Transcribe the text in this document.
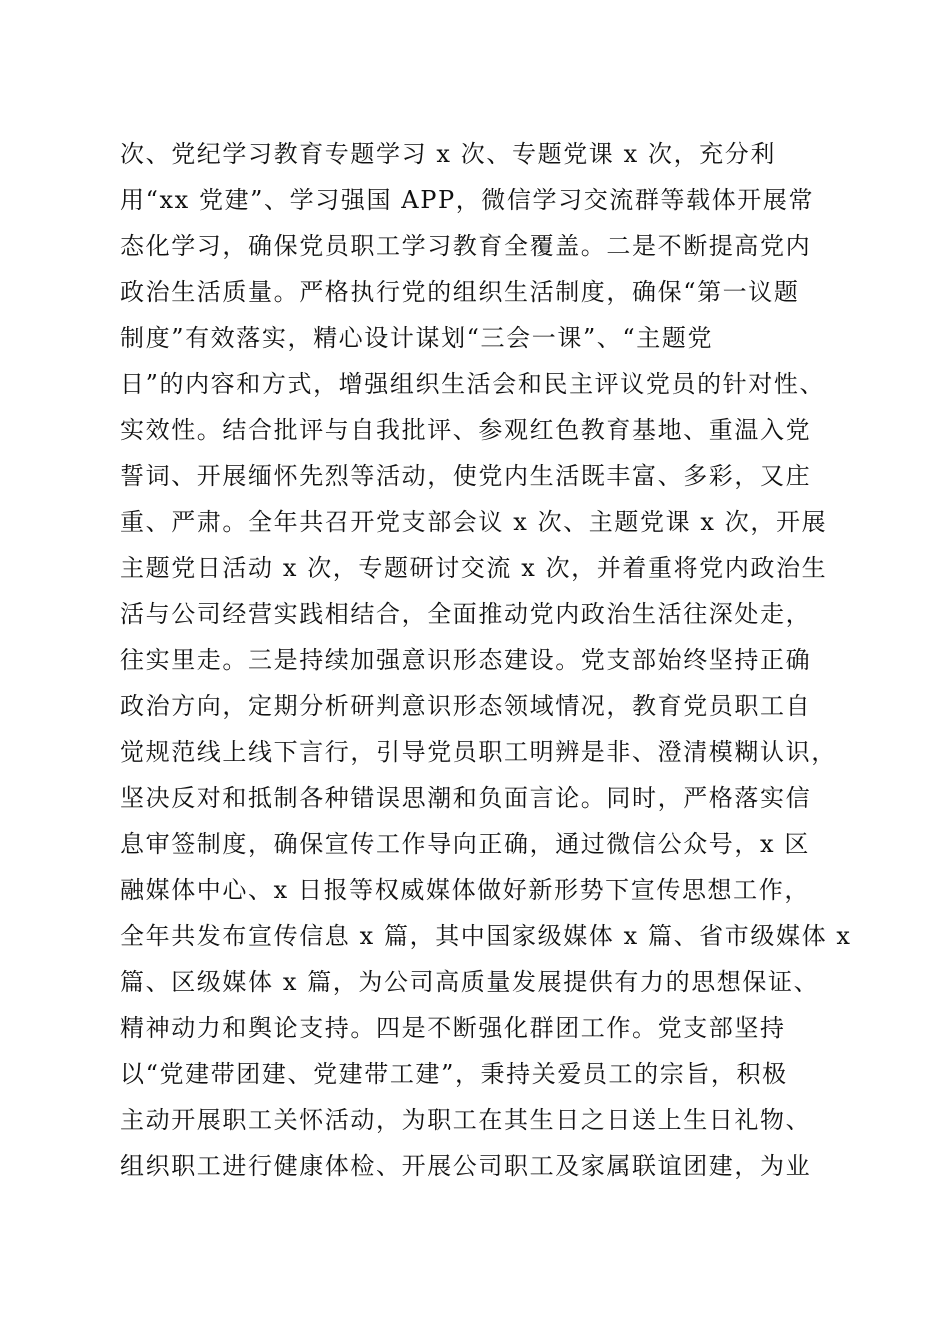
次、党纪学习教育专题学习 x 次、专题党课 x 次，充分利
用“xx 党建”、学习强国 APP，微信学习交流群等载体开展常
态化学习，确保党员职工学习教育全覆盖。二是不断提高党内
政治生活质量。严格执行党的组织生活制度，确保“第一议题
制度”有效落实，精心设计谋划“三会一课”、“主题党
日”的内容和方式，增强组织生活会和民主评议党员的针对性、
实效性。结合批评与自我批评、参观红色教育基地、重温入党
誓词、开展缅怀先烈等活动，使党内生活既丰富、多彩，又庄
重、严肃。全年共召开党支部会议 x 次、主题党课 x 次，开展
主题党日活动 x 次，专题研讨交流 x 次，并着重将党内政治生
活与公司经营实践相结合，全面推动党内政治生活往深处走，
往实里走。三是持续加强意识形态建设。党支部始终坚持正确
政治方向，定期分析研判意识形态领域情况，教育党员职工自
觉规范线上线下言行，引导党员职工明辨是非、澄清模糊认识，
坚决反对和抵制各种错误思潮和负面言论。同时，严格落实信
息审签制度，确保宣传工作导向正确，通过微信公众号，x 区
融媒体中心、x 日报等权威媒体做好新形势下宣传思想工作，
全年共发布宣传信息 x 篇，其中国家级媒体 x 篇、省市级媒体 x
篇、区级媒体 x 篇，为公司高质量发展提供有力的思想保证、
精神动力和舆论支持。四是不断强化群团工作。党支部坚持
以“党建带团建、党建带工建”，秉持关爱员工的宗旨，积极
主动开展职工关怀活动，为职工在其生日之日送上生日礼物、
组织职工进行健康体检、开展公司职工及家属联谊团建，为业
